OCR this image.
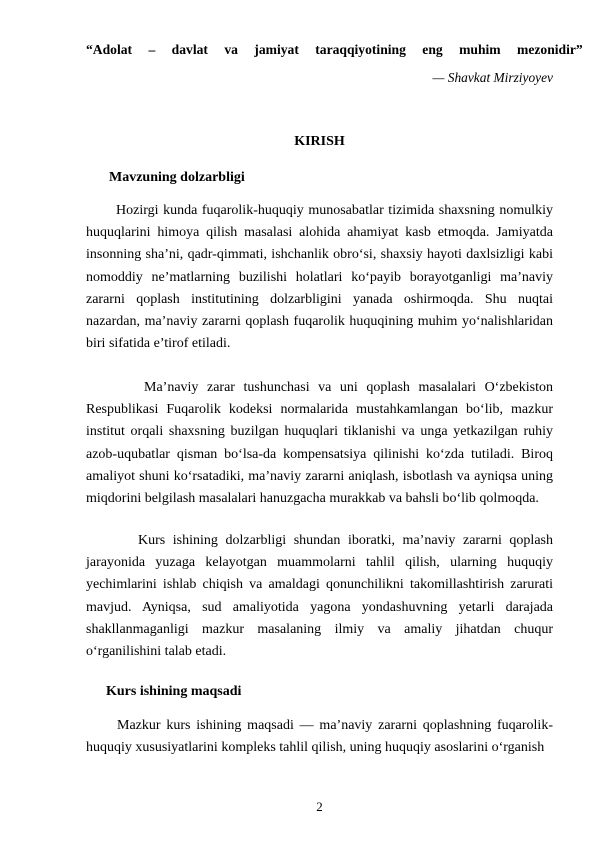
“Adolat – davlat va jamiyat taraqqiyotining eng muhim mezonidir”
— Shavkat Mirziyoyev
KIRISH
Mavzuning dolzarbligi
Hozirgi kunda fuqarolik-huquqiy munosabatlar tizimida shaxsning nomulkiy huquqlarini himoya qilish masalasi alohida ahamiyat kasb etmoqda. Jamiyatda insonning sha’ni, qadr-qimmati, ishchanlik obro‘si, shaxsiy hayoti daxlsizligi kabi nomoddiy ne’matlarning buzilishi holatlari ko‘payib borayotganligi ma’naviy zararni qoplash institutining dolzarbligini yanada oshirmoqda. Shu nuqtai nazardan, ma’naviy zararni qoplash fuqarolik huquqining muhim yo‘nalishlaridan biri sifatida e’tirof etiladi.
Ma’naviy zarar tushunchasi va uni qoplash masalalari O‘zbekiston Respublikasi Fuqarolik kodeksi normalarida mustahkamlangan bo‘lib, mazkur institut orqali shaxsning buzilgan huquqlari tiklanishi va unga yetkazilgan ruhiy azob-uqubatlar qisman bo‘lsa-da kompensatsiya qilinishi ko‘zda tutiladi. Biroq amaliyot shuni ko‘rsatadiki, ma’naviy zararni aniqlash, isbotlash va ayniqsa uning miqdorini belgilash masalalari hanuzgacha murakkab va bahsli bo‘lib qolmoqda.
Kurs ishining dolzarbligi shundan iboratki, ma’naviy zararni qoplash jarayonida yuzaga kelayotgan muammolarni tahlil qilish, ularning huquqiy yechimlarini ishlab chiqish va amaldagi qonunchilikni takomillashtirish zarurati mavjud. Ayniqsa, sud amaliyotida yagona yondashuvning yetarli darajada shakllanmaganligi mazkur masalaning ilmiy va amaliy jihatdan chuqur o‘rganilishini talab etadi.
Kurs ishining maqsadi
Mazkur kurs ishining maqsadi — ma’naviy zararni qoplashning fuqarolik-huquqiy xususiyatlarini kompleks tahlil qilish, uning huquqiy asoslarini o‘rganish
2
